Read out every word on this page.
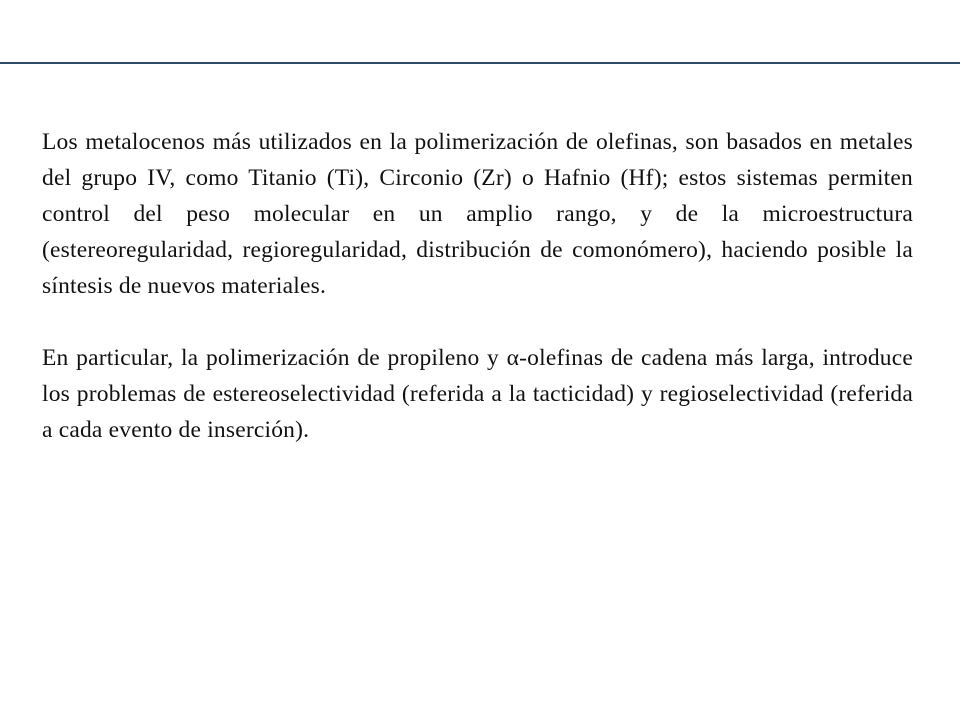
Los metalocenos más utilizados en la polimerización de olefinas, son basados en metales del grupo IV, como Titanio (Ti), Circonio (Zr) o Hafnio (Hf); estos sistemas permiten control del peso molecular en un amplio rango, y de la microestructura (estereoregularidad, regioregularidad, distribución de comonómero), haciendo posible la síntesis de nuevos materiales.

En particular, la polimerización de propileno y α-olefinas de cadena más larga, introduce los problemas de estereoselectividad (referida a la tacticidad) y regioselectividad (referida a cada evento de inserción).
